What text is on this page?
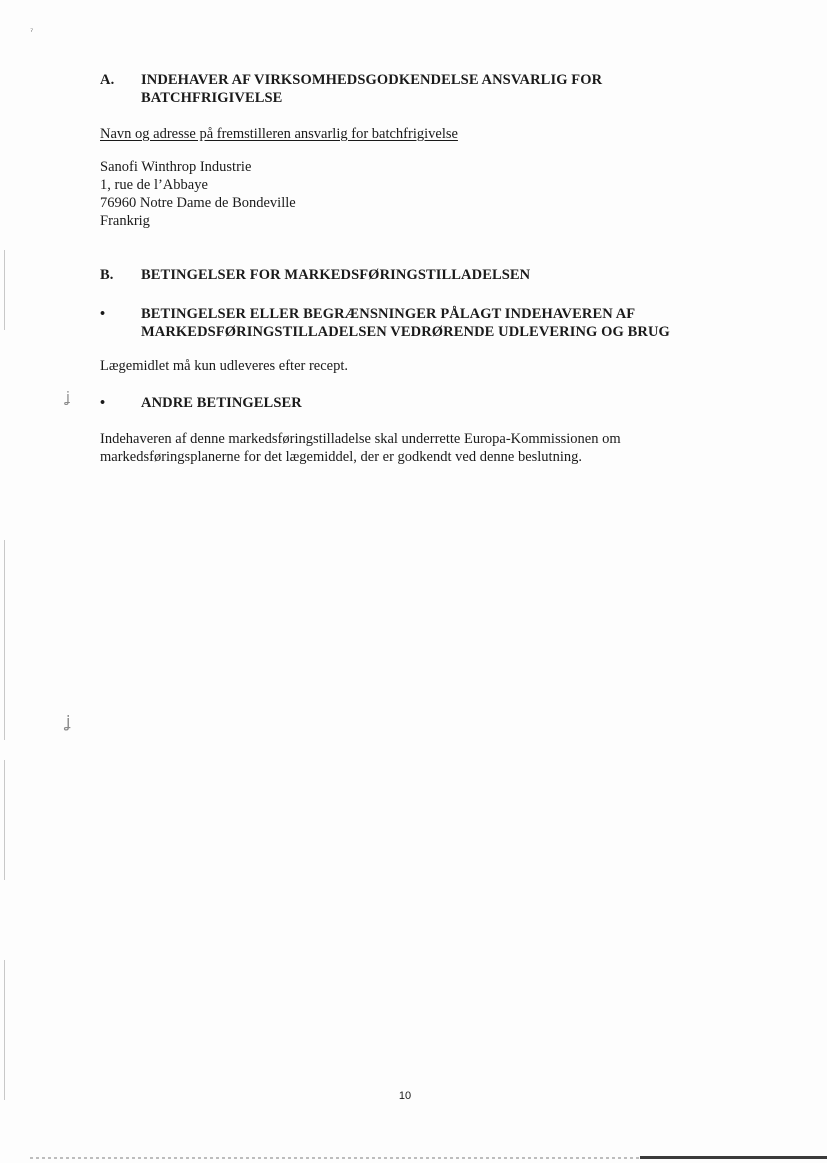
A. INDEHAVER AF VIRKSOMHEDSGODKENDELSE ANSVARLIG FOR
BATCHFRIGIVELSE
Navn og adresse på fremstilleren ansvarlig for batchfrigivelse
Sanofi Winthrop Industrie
1, rue de l’Abbaye
76960 Notre Dame de Bondeville
Frankrig
B. BETINGELSER FOR MARKEDSFØRINGSTILLADELSEN
• BETINGELSER ELLER BEGRÆNSNINGER PÅLAGT INDEHAVEREN AF
MARKEDSFØRINGSTILLADELSEN VEDRØRENDE UDLEVERING OG BRUG
Lægemidlet må kun udleveres efter recept.
• ANDRE BETINGELSER
Indehaveren af denne markedsføringstilladelse skal underrette Europa-Kommissionen om
markedsføringsplanerne for det lægemiddel, der er godkendt ved denne beslutning.
10
ˀ
ʝ
ʝ
